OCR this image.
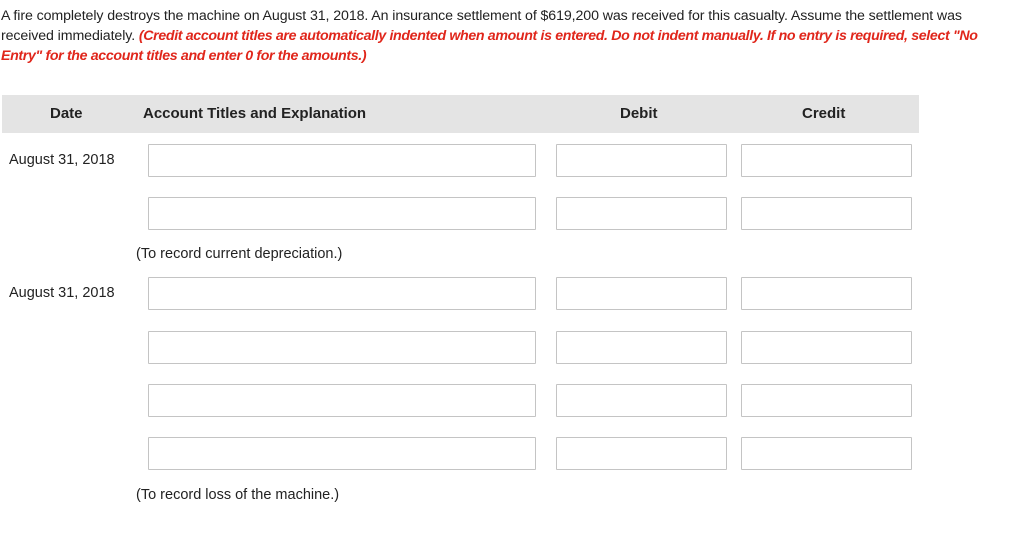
A fire completely destroys the machine on August 31, 2018. An insurance settlement of $619,200 was received for this casualty. Assume the settlement was received immediately. (Credit account titles are automatically indented when amount is entered. Do not indent manually. If no entry is required, select "No Entry" for the account titles and enter 0 for the amounts.)
Date	Account Titles and Explanation	Debit	Credit
August 31, 2018
(To record current depreciation.)
August 31, 2018
(To record loss of the machine.)
